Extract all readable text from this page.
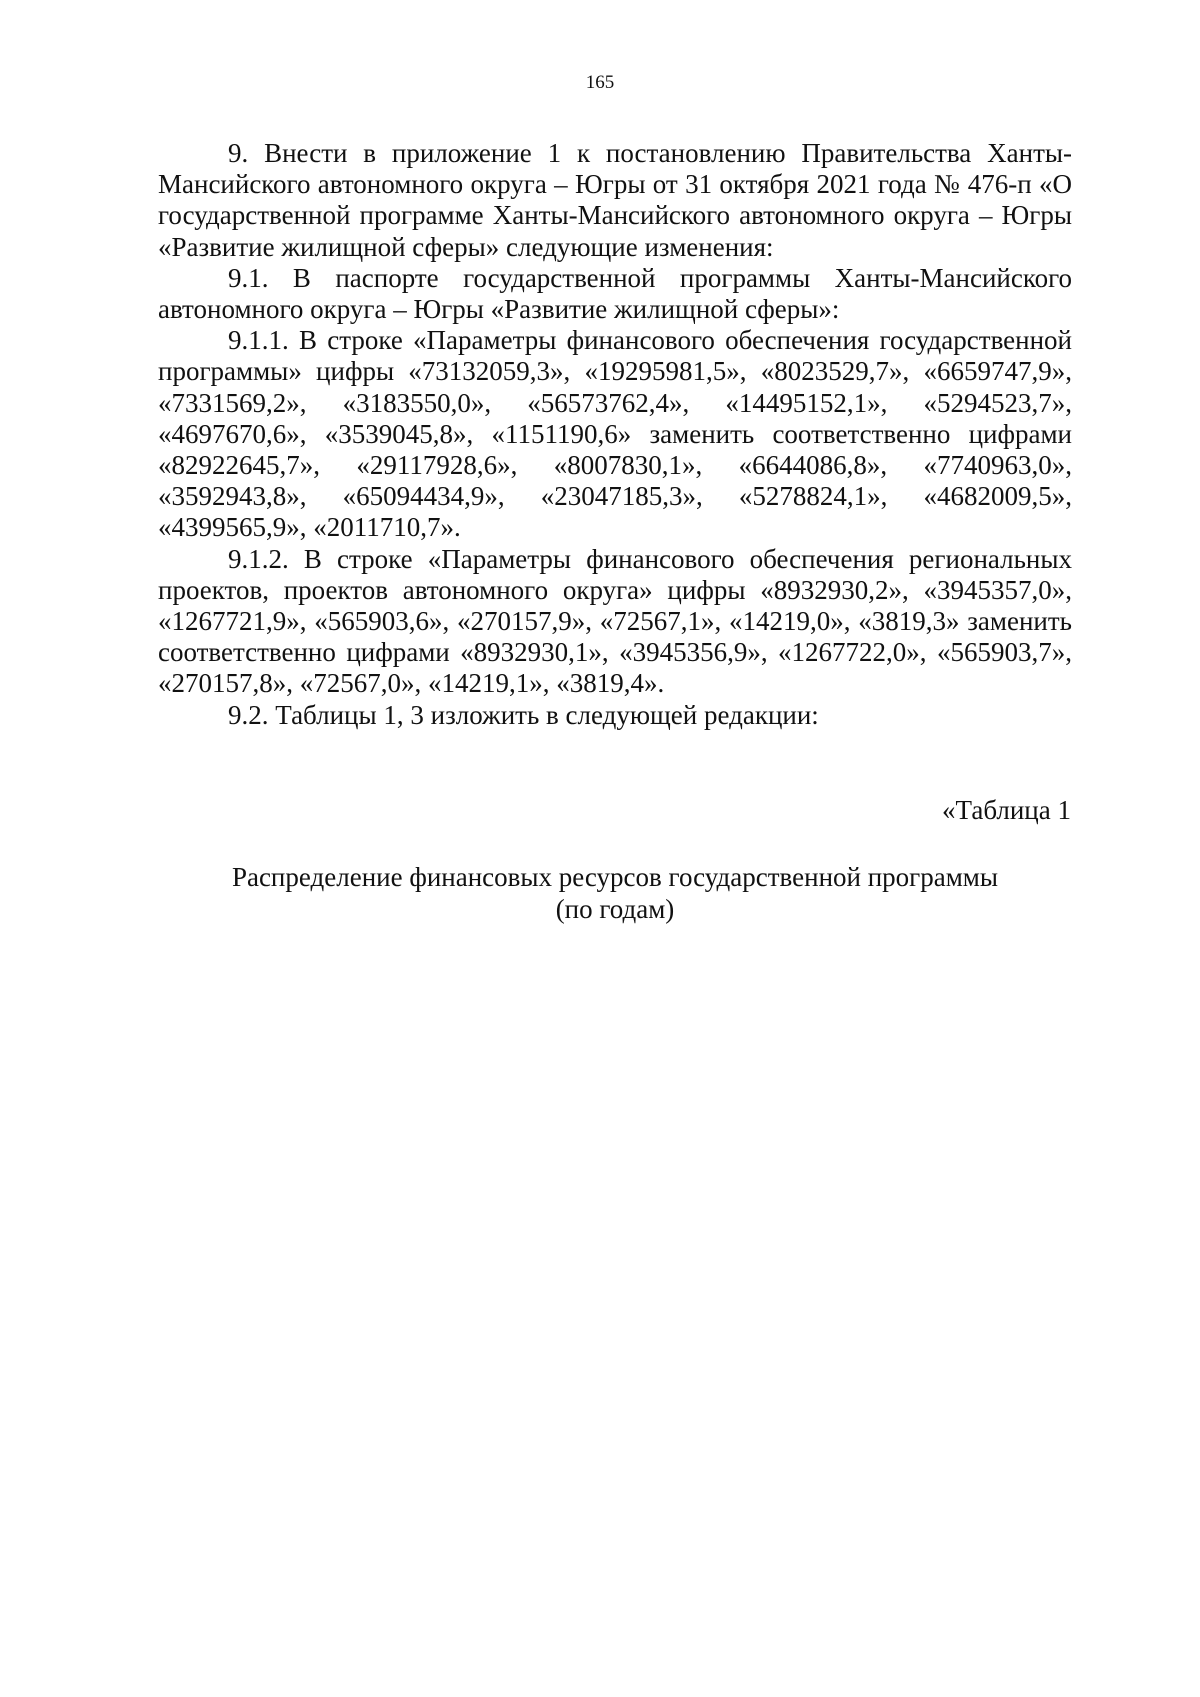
165

9. Внести в приложение 1 к постановлению Правительства Ханты-Мансийского автономного округа – Югры от 31 октября 2021 года № 476-п «О государственной программе Ханты-Мансийского автономного округа – Югры «Развитие жилищной сферы» следующие изменения:

9.1. В паспорте государственной программы Ханты-Мансийского автономного округа – Югры «Развитие жилищной сферы»:

9.1.1. В строке «Параметры финансового обеспечения государственной программы» цифры «73132059,3», «19295981,5», «8023529,7», «6659747,9», «7331569,2», «3183550,0», «56573762,4», «14495152,1», «5294523,7», «4697670,6», «3539045,8», «1151190,6» заменить соответственно цифрами «82922645,7», «29117928,6», «8007830,1», «6644086,8», «7740963,0», «3592943,8», «65094434,9», «23047185,3», «5278824,1», «4682009,5», «4399565,9», «2011710,7».

9.1.2. В строке «Параметры финансового обеспечения региональных проектов, проектов автономного округа» цифры «8932930,2», «3945357,0», «1267721,9», «565903,6», «270157,9», «72567,1», «14219,0», «3819,3» заменить соответственно цифрами «8932930,1», «3945356,9», «1267722,0», «565903,7», «270157,8», «72567,0», «14219,1», «3819,4».

9.2. Таблицы 1, 3 изложить в следующей редакции:

«Таблица 1
Распределение финансовых ресурсов государственной программы
(по годам)
